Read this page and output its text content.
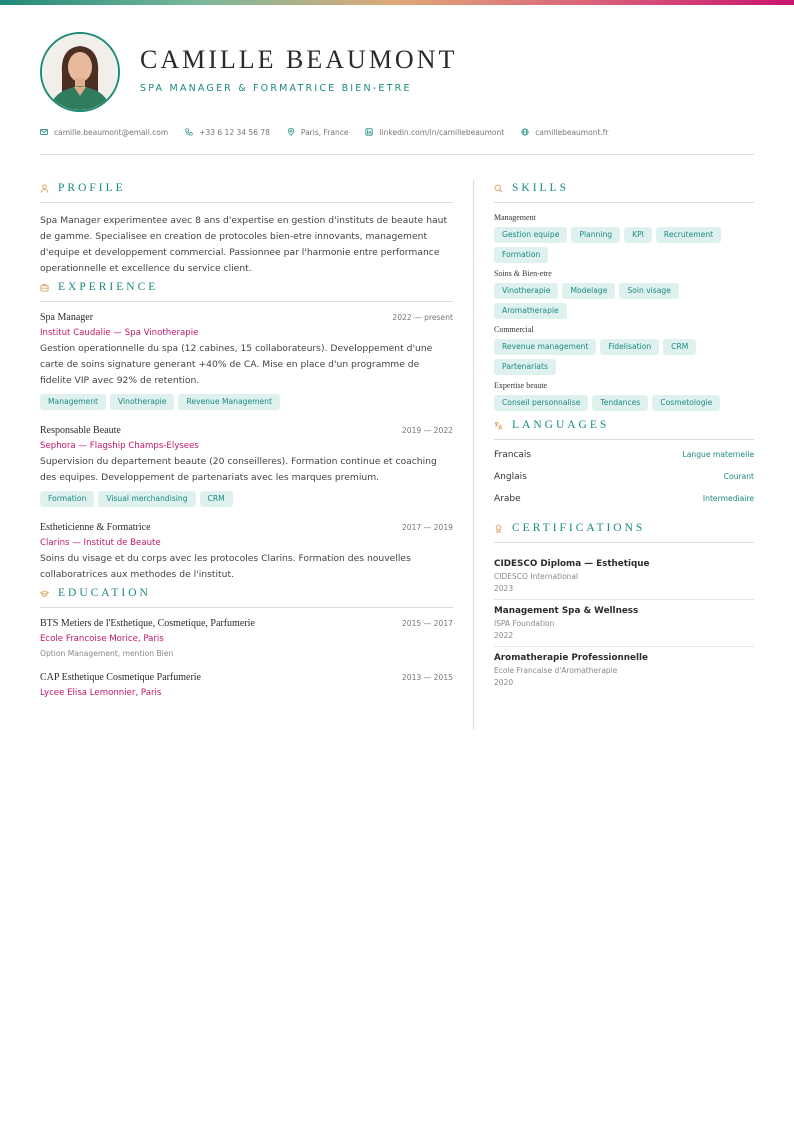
CAMILLE BEAUMONT
SPA MANAGER & FORMATRICE BIEN-ETRE
camille.beaumont@email.com	+33 6 12 34 56 78	Paris, France	linkedin.com/in/camillebeaumont	camillebeaumont.fr
PROFILE

Spa Manager experimentee avec 8 ans d'expertise en gestion d'instituts de beaute haut de gamme. Specialisee en creation de protocoles bien-etre innovants, management d'equipe et developpement commercial. Passionnee par l'harmonie entre performance operationnelle et excellence du service client.

EXPERIENCE
Spa Manager	2022 — present
Institut Caudalie — Spa Vinotherapie
Gestion operationnelle du spa (12 cabines, 15 collaborateurs). Developpement d'une carte de soins signature generant +40% de CA. Mise en place d'un programme de fidelite VIP avec 92% de retention.
Management	Vinotherapie	Revenue Management
Responsable Beaute	2019 — 2022
Sephora — Flagship Champs-Elysees
Supervision du departement beaute (20 conseilleres). Formation continue et coaching des equipes. Developpement de partenariats avec les marques premium.
Formation	Visual merchandising	CRM
Estheticienne & Formatrice	2017 — 2019
Clarins — Institut de Beaute
Soins du visage et du corps avec les protocoles Clarins. Formation des nouvelles collaboratrices aux methodes de l'institut.
EDUCATION
BTS Metiers de l'Esthetique, Cosmetique, Parfumerie	2015 — 2017
Ecole Francoise Morice, Paris
Option Management, mention Bien
CAP Esthetique Cosmetique Parfumerie	2013 — 2015
Lycee Elisa Lemonnier, Paris
SKILLS
Management
Gestion equipe	Planning	KPI	Recrutement
Formation
Soins & Bien-etre
Vinotherapie	Modelage	Soin visage
Aromatherapie
Commercial
Revenue management	Fidelisation	CRM
Partenariats
Expertise beaute
Conseil personnalise	Tendances	Cosmetologie
LANGUAGES
Francais	Langue maternelle
Anglais	Courant
Arabe	Intermediaire
CERTIFICATIONS
CIDESCO Diploma — Esthetique
CIDESCO International
2023
Management Spa & Wellness
ISPA Foundation
2022
Aromatherapie Professionnelle
Ecole Francaise d'Aromatherapie
2020
